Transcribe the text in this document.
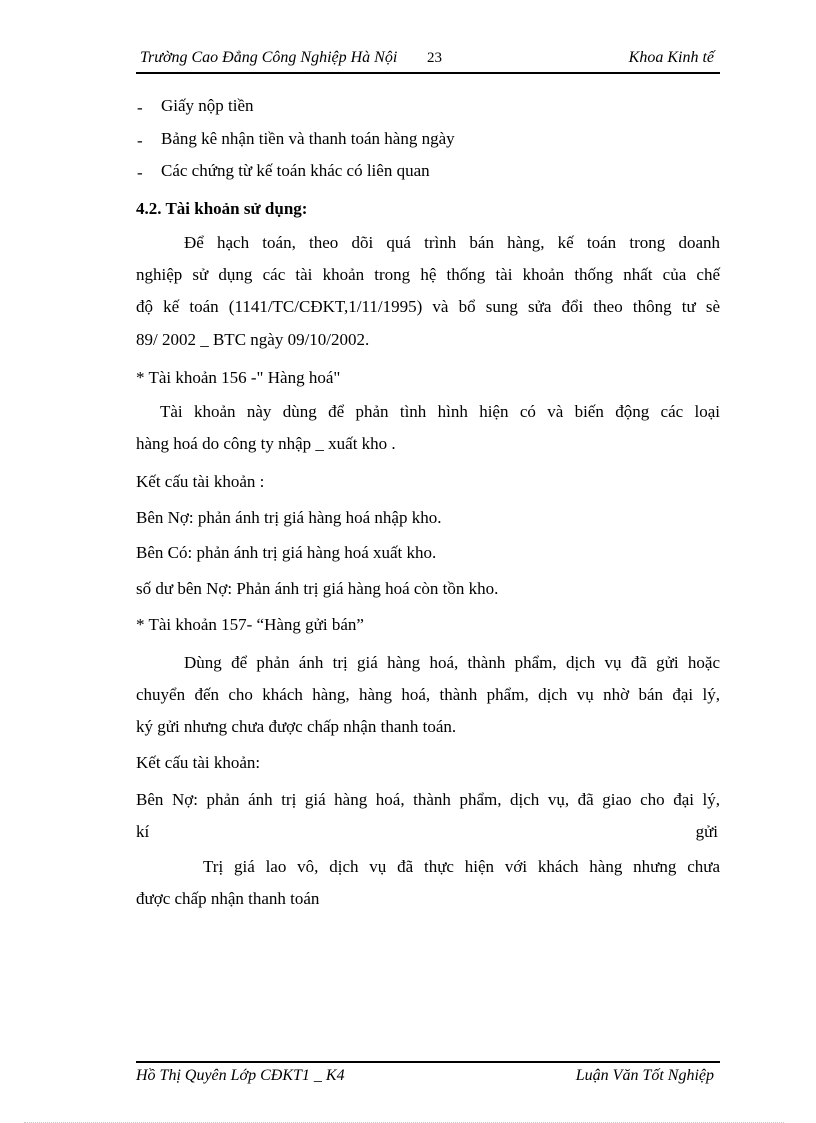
Trường Cao Đẳng Công Nghiệp Hà Nội 23	Khoa Kinh tế
- Giấy nộp tiền
- Bảng kê nhận tiền và thanh toán hàng ngày
- Các chứng từ kế toán khác có liên quan
4.2. Tài khoản sử dụng:
Để hạch toán, theo dõi quá trình bán hàng, kế toán trong doanh
nghiệp sử dụng các tài khoản trong hệ thống tài khoản thống nhất của chế
độ kế toán (1141/TC/CĐKT,1/11/1995) và bổ sung sửa đổi theo thông tư sè
89/ 2002 _ BTC ngày 09/10/2002.
* Tài khoản 156 -" Hàng hoá"
Tài khoản này dùng để phản tình hình hiện có và biến động các loại
hàng hoá do công ty nhập _ xuất kho .
Kết cấu tài khoản :
Bên Nợ: phản ánh trị giá hàng hoá nhập kho.
Bên Có: phản ánh trị giá hàng hoá xuất kho.
số dư bên Nợ: Phản ánh trị giá hàng hoá còn tồn kho.
* Tài khoản 157- “Hàng gửi bán”
Dùng để phản ánh trị giá hàng hoá, thành phẩm, dịch vụ đã gửi hoặc
chuyển đến cho khách hàng, hàng hoá, thành phẩm, dịch vụ nhờ bán đại lý,
ký gửi nhưng chưa được chấp nhận thanh toán.
Kết cấu tài khoản:
Bên Nợ: phản ánh trị giá hàng hoá, thành phẩm, dịch vụ, đã giao cho đại lý,
kí	gửi
Trị giá lao vô, dịch vụ đã thực hiện với khách hàng nhưng chưa
được chấp nhận thanh toán
Hồ Thị Quyên Lớp CĐKT1 _ K4	Luận Văn Tốt Nghiệp
